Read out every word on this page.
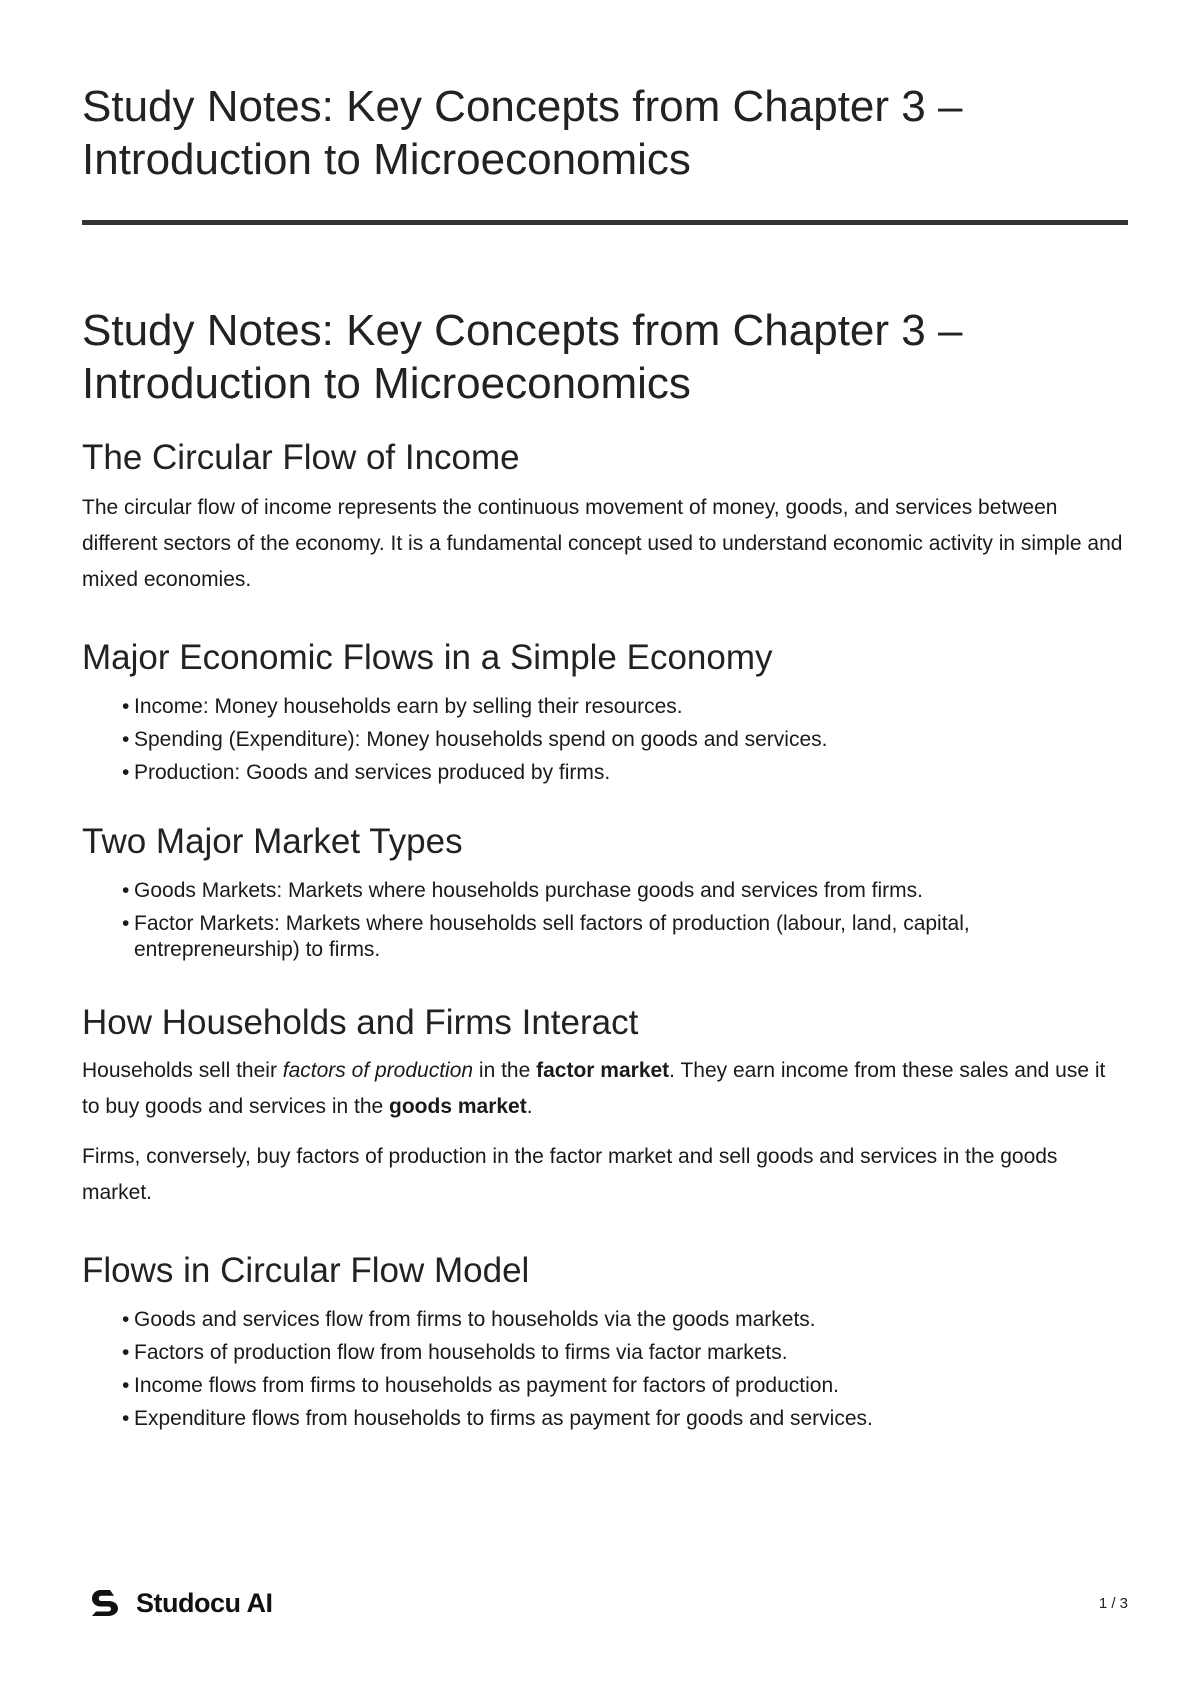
Study Notes: Key Concepts from Chapter 3 – Introduction to Microeconomics
Study Notes: Key Concepts from Chapter 3 – Introduction to Microeconomics
The Circular Flow of Income

The circular flow of income represents the continuous movement of money, goods, and services between different sectors of the economy. It is a fundamental concept used to understand economic activity in simple and mixed economies.

Major Economic Flows in a Simple Economy
• Income: Money households earn by selling their resources.
• Spending (Expenditure): Money households spend on goods and services.
• Production: Goods and services produced by firms.
Two Major Market Types
• Goods Markets: Markets where households purchase goods and services from firms.
• Factor Markets: Markets where households sell factors of production (labour, land, capital, entrepreneurship) to firms.
How Households and Firms Interact

Households sell their factors of production in the factor market. They earn income from these sales and use it to buy goods and services in the goods market.

Firms, conversely, buy factors of production in the factor market and sell goods and services in the goods market.

Flows in Circular Flow Model
• Goods and services flow from firms to households via the goods markets.
• Factors of production flow from households to firms via factor markets.
• Income flows from firms to households as payment for factors of production.
• Expenditure flows from households to firms as payment for goods and services.
Studocu AI	1 / 3
